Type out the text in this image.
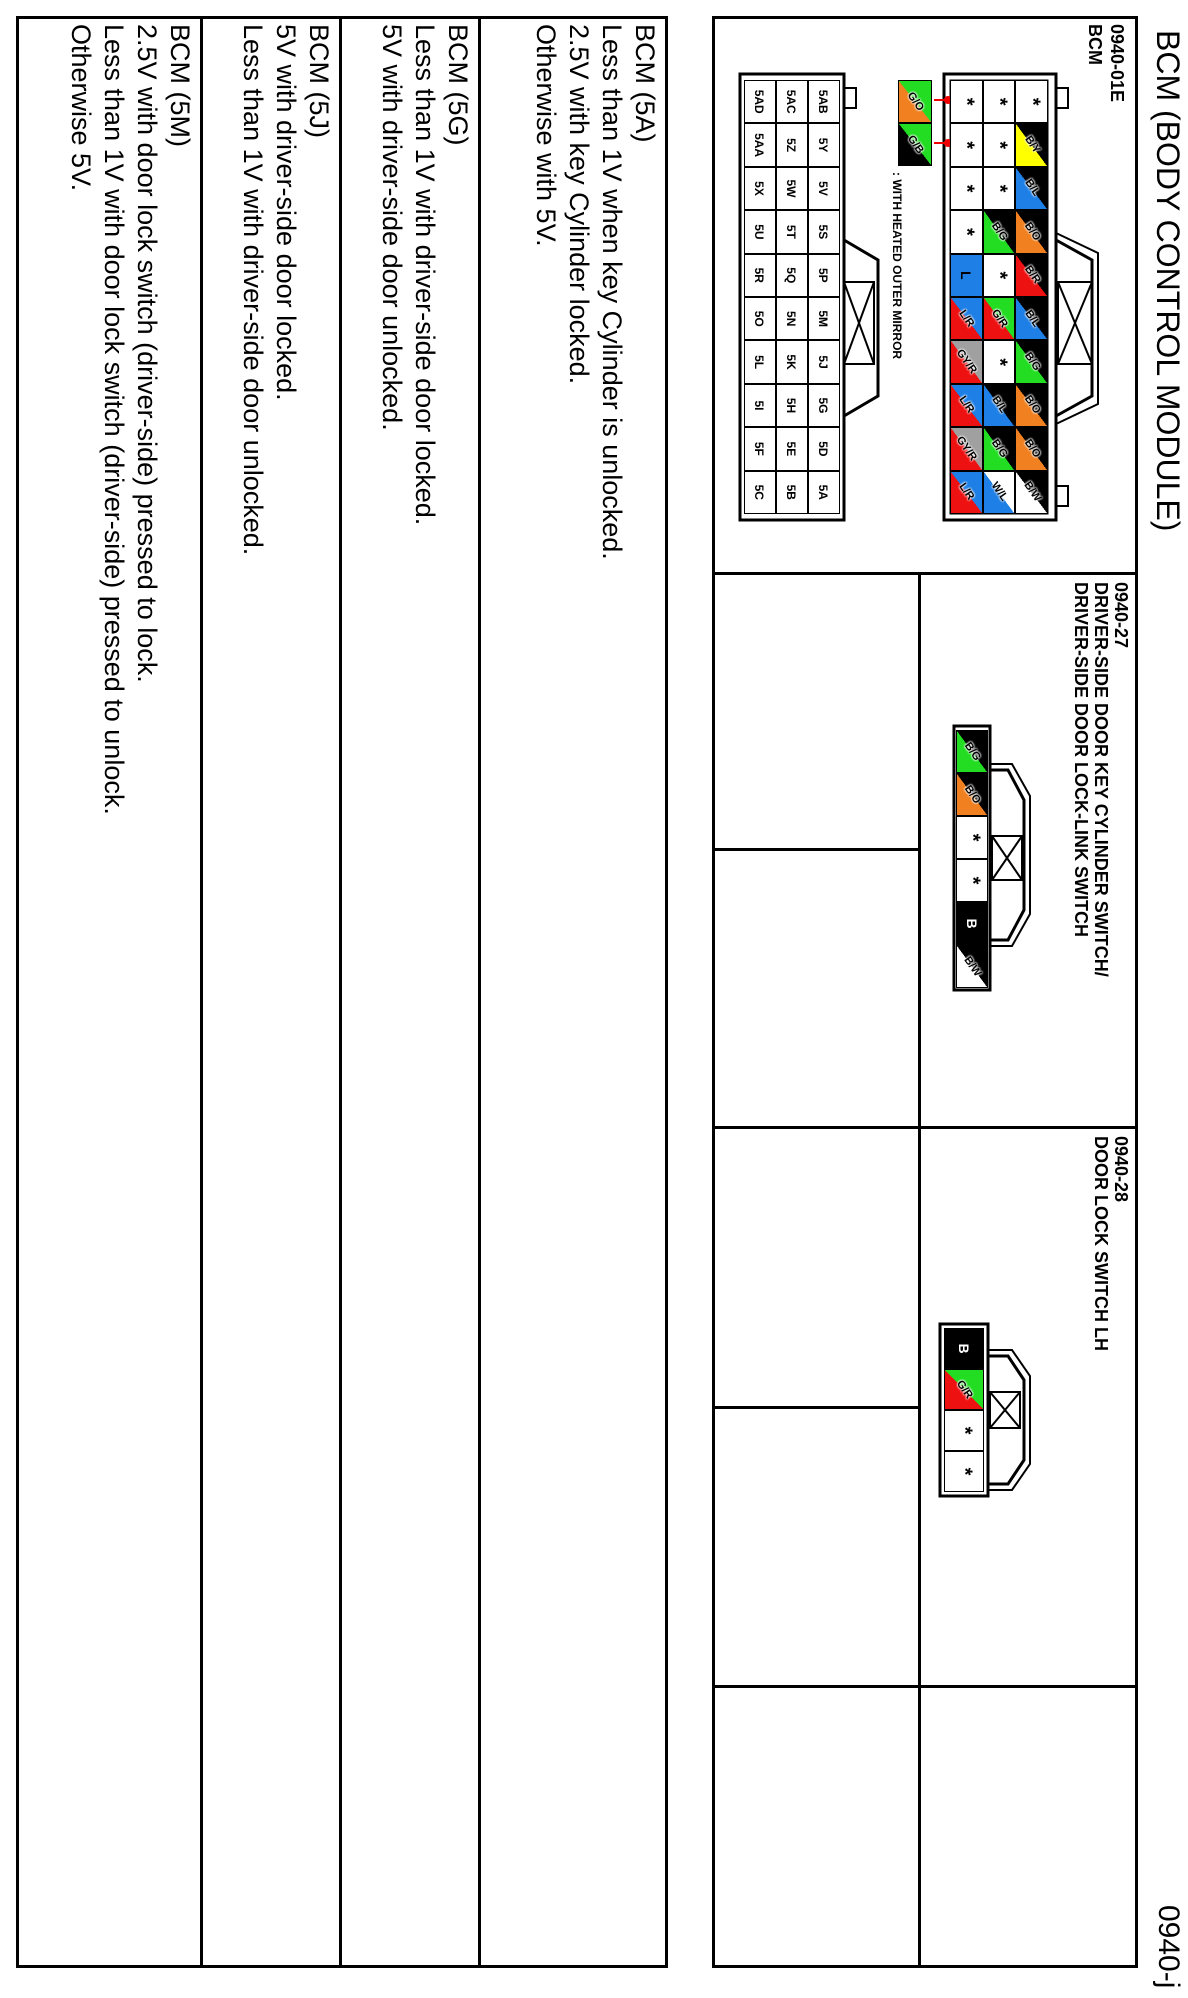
BCM (BODY CONTROL MODULE)
0940-j
0940-01E
BCM
*
B/Y
B/L
B/O
B/R
B/L
B/G
B/O
B/O
B/W
*
*
*
B/G
*
G/R
*
B/L
B/G
W/L
*
*
*
*
L
L/R
GY/R
L/R
GY/R
L/R
G/O
G/B
: WITH HEATED OUTER MIRROR
5AB
5Y
5V
5S
5P
5M
5J
5G
5D
5A
5AC
5Z
5W
5T
5Q
5N
5K
5H
5E
5B
5AD
5AA
5X
5U
5R
5O
5L
5I
5F
5C
0940-27
DRIVER-SIDE DOOR KEY CYLINDER SWITCH/
DRIVER-SIDE DOOR LOCK-LINK SWITCH
B/G
B/O
*
*
B
B/W
0940-28
DOOR LOCK SWITCH LH
B
G/R
*
*
BCM (5A)
Less than 1V when key Cylinder is unlocked.
2.5V with key Cylinder locked.
Otherwise with 5V.
BCM (5G)
Less than 1V with driver-side door locked.
5V with driver-side door unlocked.
BCM (5J)
5V with driver-side door locked.
Less than 1V with driver-side door unlocked.
BCM (5M)
2.5V with door lock switch (driver-side) pressed to lock.
Less than 1V with door lock switch (driver-side) pressed to unlock.
Otherwise 5V.
